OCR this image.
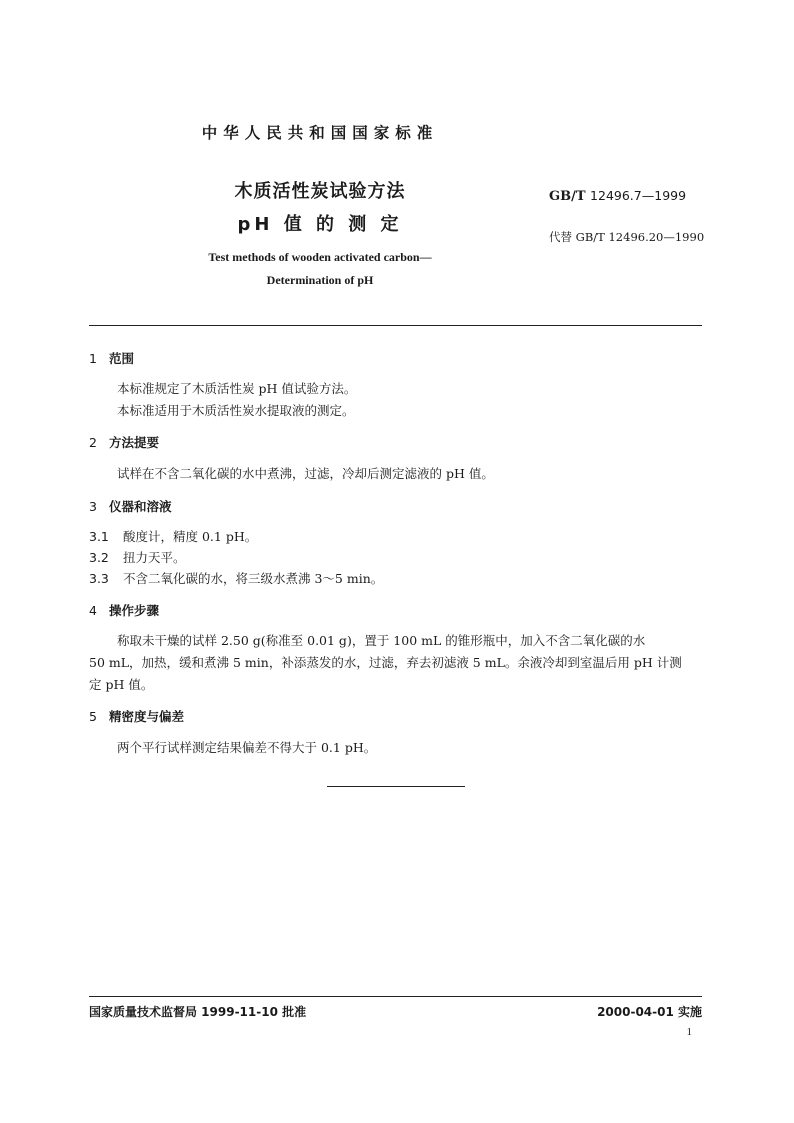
中华人民共和国国家标准
木质活性炭试验方法
pH 值 的 测 定
GB/T 12496.7—1999
代替 GB/T 12496.20—1990
Test methods of wooden activated carbon—
Determination of pH
1 范围
本标准规定了木质活性炭 pH 值试验方法。
本标准适用于木质活性炭水提取液的测定。
2 方法提要
试样在不含二氧化碳的水中煮沸，过滤，冷却后测定滤液的 pH 值。
3 仪器和溶液
3.1 酸度计，精度 0.1 pH。
3.2 扭力天平。
3.3 不含二氧化碳的水，将三级水煮沸 3～5 min。
4 操作步骤
称取未干燥的试样 2.50 g(称准至 0.01 g)，置于 100 mL 的锥形瓶中，加入不含二氧化碳的水
50 mL，加热，缓和煮沸 5 min，补添蒸发的水，过滤，弃去初滤液 5 mL。余液冷却到室温后用 pH 计测
定 pH 值。
5 精密度与偏差
两个平行试样测定结果偏差不得大于 0.1 pH。
国家质量技术监督局 1999-11-10 批准	2000-04-01 实施
1
